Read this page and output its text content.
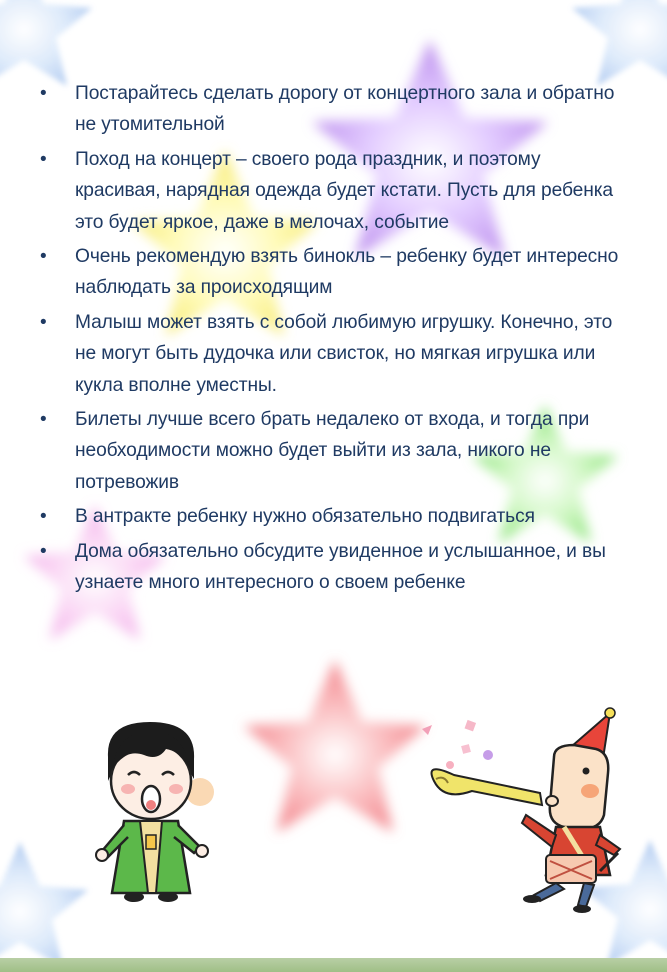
• Постарайтесь сделать дорогу от концертного зала и обратно не утомительной
• Поход на концерт – своего рода праздник, и поэтому красивая, нарядная одежда будет кстати. Пусть для ребенка это будет яркое, даже в мелочах, событие
• Очень рекомендую взять бинокль – ребенку будет интересно наблюдать за происходящим
• Малыш может взять с собой любимую игрушку. Конечно, это не могут быть дудочка или свисток, но мягкая игрушка или кукла вполне уместны.
• Билеты лучше всего брать недалеко от входа, и тогда при необходимости можно будет выйти из зала, никого не потревожив
• В антракте ребенку нужно обязательно подвигаться
• Дома обязательно обсудите увиденное и услышанное, и вы узнаете много интересного о своем ребенке
